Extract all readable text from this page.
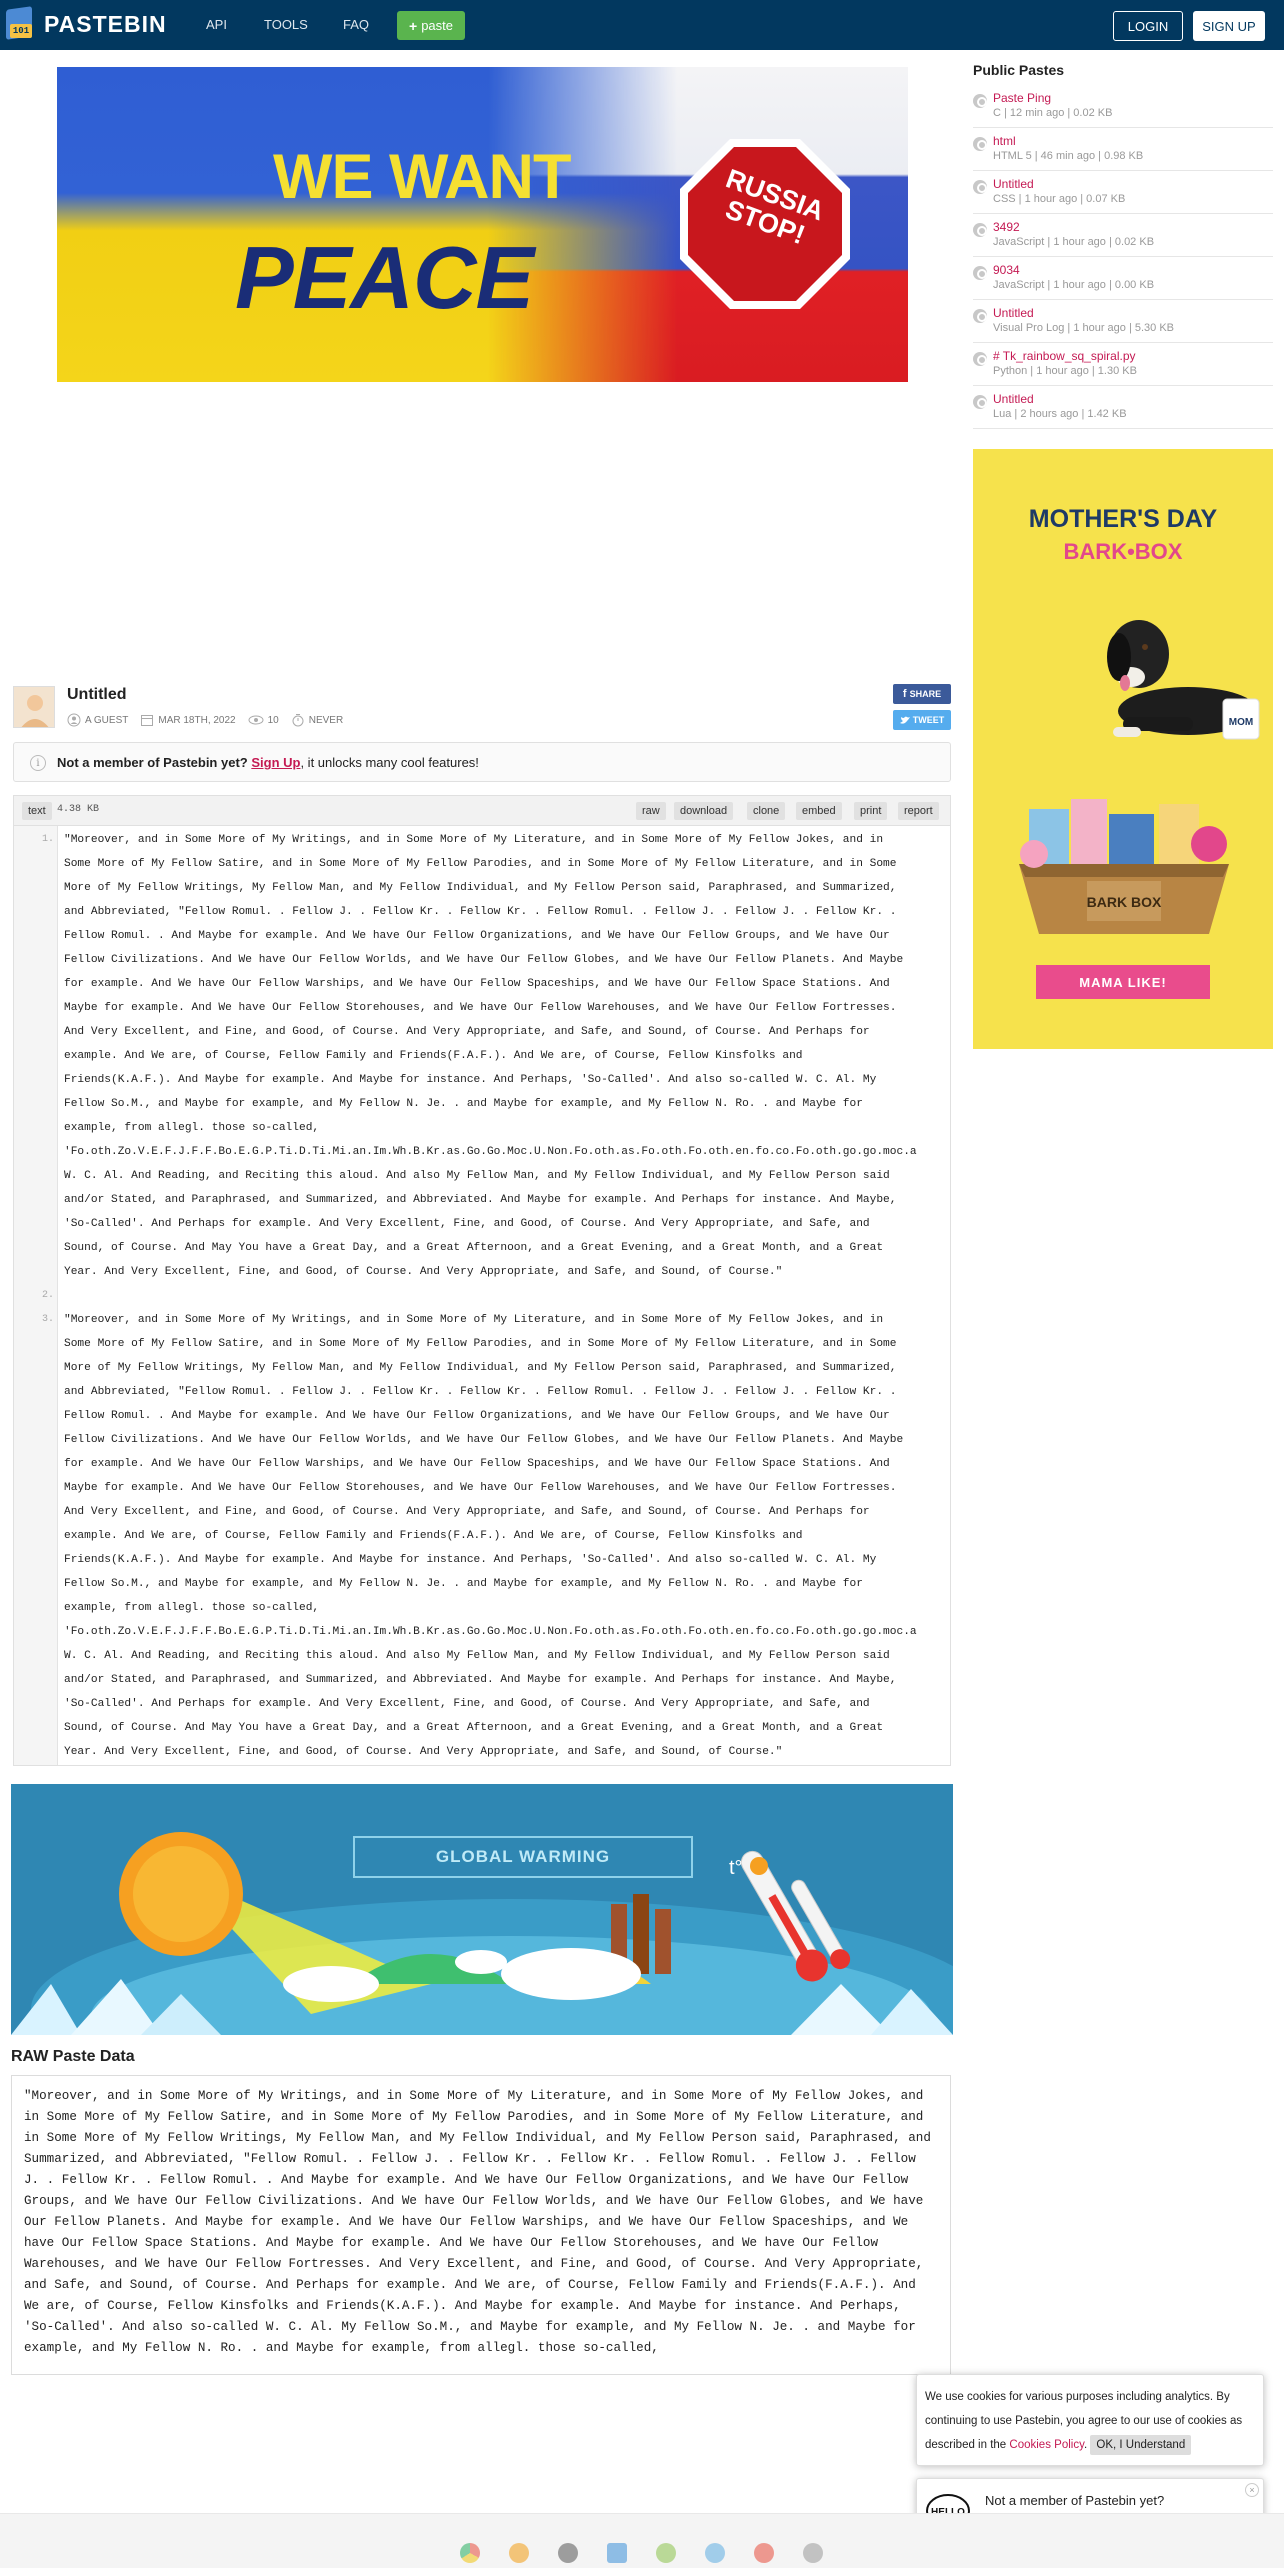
101 PASTEBIN	API	TOOLS	FAQ	+ paste	LOGIN	SIGN UP
WE WANT
PEACE
RUSSIA STOP!
Public Pastes
Paste Ping
C | 12 min ago | 0.02 KB
html
HTML 5 | 46 min ago | 0.98 KB
Untitled
CSS | 1 hour ago | 0.07 KB
3492
JavaScript | 1 hour ago | 0.02 KB
9034
JavaScript | 1 hour ago | 0.00 KB
Untitled
Visual Pro Log | 1 hour ago | 5.30 KB
# Tk_rainbow_sq_spiral.py
Python | 1 hour ago | 1.30 KB
Untitled
Lua | 2 hours ago | 1.42 KB
MOTHER'S DAY
BARK•BOX
MOM
BARK BOX
MAMA LIKE!
Untitled
A GUEST	MAR 18TH, 2022	10	NEVER
f SHARE
TWEET
i	Not a member of Pastebin yet? Sign Up, it unlocks many cool features!
text	4.38 KB	raw	download	clone	embed	print	report
1.
2.
3.
"Moreover, and in Some More of My Writings, and in Some More of My Literature, and in Some More of My Fellow Jokes, and in
Some More of My Fellow Satire, and in Some More of My Fellow Parodies, and in Some More of My Fellow Literature, and in Some
More of My Fellow Writings, My Fellow Man, and My Fellow Individual, and My Fellow Person said, Paraphrased, and Summarized,
and Abbreviated, "Fellow Romul. . Fellow J. . Fellow Kr. . Fellow Kr. . Fellow Romul. . Fellow J. . Fellow J. . Fellow Kr. .
Fellow Romul. . And Maybe for example. And We have Our Fellow Organizations, and We have Our Fellow Groups, and We have Our
Fellow Civilizations. And We have Our Fellow Worlds, and We have Our Fellow Globes, and We have Our Fellow Planets. And Maybe
for example. And We have Our Fellow Warships, and We have Our Fellow Spaceships, and We have Our Fellow Space Stations. And
Maybe for example. And We have Our Fellow Storehouses, and We have Our Fellow Warehouses, and We have Our Fellow Fortresses.
And Very Excellent, and Fine, and Good, of Course. And Very Appropriate, and Safe, and Sound, of Course. And Perhaps for
example. And We are, of Course, Fellow Family and Friends(F.A.F.). And We are, of Course, Fellow Kinsfolks and
Friends(K.A.F.). And Maybe for example. And Maybe for instance. And Perhaps, 'So-Called'. And also so-called W. C. Al. My
Fellow So.M., and Maybe for example, and My Fellow N. Je. . and Maybe for example, and My Fellow N. Ro. . and Maybe for
example, from allegl. those so-called,
'Fo.oth.Zo.V.E.F.J.F.F.Bo.E.G.P.Ti.D.Ti.Mi.an.Im.Wh.B.Kr.as.Go.Go.Moc.U.Non.Fo.oth.as.Fo.oth.Fo.oth.en.fo.co.Fo.oth.go.go.moc.a
W. C. Al. And Reading, and Reciting this aloud. And also My Fellow Man, and My Fellow Individual, and My Fellow Person said
and/or Stated, and Paraphrased, and Summarized, and Abbreviated. And Maybe for example. And Perhaps for instance. And Maybe,
'So-Called'. And Perhaps for example. And Very Excellent, Fine, and Good, of Course. And Very Appropriate, and Safe, and
Sound, of Course. And May You have a Great Day, and a Great Afternoon, and a Great Evening, and a Great Month, and a Great
Year. And Very Excellent, Fine, and Good, of Course. And Very Appropriate, and Safe, and Sound, of Course."
"Moreover, and in Some More of My Writings, and in Some More of My Literature, and in Some More of My Fellow Jokes, and in
Some More of My Fellow Satire, and in Some More of My Fellow Parodies, and in Some More of My Fellow Literature, and in Some
More of My Fellow Writings, My Fellow Man, and My Fellow Individual, and My Fellow Person said, Paraphrased, and Summarized,
and Abbreviated, "Fellow Romul. . Fellow J. . Fellow Kr. . Fellow Kr. . Fellow Romul. . Fellow J. . Fellow J. . Fellow Kr. .
Fellow Romul. . And Maybe for example. And We have Our Fellow Organizations, and We have Our Fellow Groups, and We have Our
Fellow Civilizations. And We have Our Fellow Worlds, and We have Our Fellow Globes, and We have Our Fellow Planets. And Maybe
for example. And We have Our Fellow Warships, and We have Our Fellow Spaceships, and We have Our Fellow Space Stations. And
Maybe for example. And We have Our Fellow Storehouses, and We have Our Fellow Warehouses, and We have Our Fellow Fortresses.
And Very Excellent, and Fine, and Good, of Course. And Very Appropriate, and Safe, and Sound, of Course. And Perhaps for
example. And We are, of Course, Fellow Family and Friends(F.A.F.). And We are, of Course, Fellow Kinsfolks and
Friends(K.A.F.). And Maybe for example. And Maybe for instance. And Perhaps, 'So-Called'. And also so-called W. C. Al. My
Fellow So.M., and Maybe for example, and My Fellow N. Je. . and Maybe for example, and My Fellow N. Ro. . and Maybe for
example, from allegl. those so-called,
'Fo.oth.Zo.V.E.F.J.F.F.Bo.E.G.P.Ti.D.Ti.Mi.an.Im.Wh.B.Kr.as.Go.Go.Moc.U.Non.Fo.oth.as.Fo.oth.Fo.oth.en.fo.co.Fo.oth.go.go.moc.a
W. C. Al. And Reading, and Reciting this aloud. And also My Fellow Man, and My Fellow Individual, and My Fellow Person said
and/or Stated, and Paraphrased, and Summarized, and Abbreviated. And Maybe for example. And Perhaps for instance. And Maybe,
'So-Called'. And Perhaps for example. And Very Excellent, Fine, and Good, of Course. And Very Appropriate, and Safe, and
Sound, of Course. And May You have a Great Day, and a Great Afternoon, and a Great Evening, and a Great Month, and a Great
Year. And Very Excellent, Fine, and Good, of Course. And Very Appropriate, and Safe, and Sound, of Course."
t°
GLOBAL WARMING
RAW Paste Data
"Moreover, and in Some More of My Writings, and in Some More of My Literature, and in Some More of My Fellow Jokes, and in Some More of My Fellow Satire, and in Some More of My Fellow Parodies, and in Some More of My Fellow Literature, and in Some More of My Fellow Writings, My Fellow Man, and My Fellow Individual, and My Fellow Person said, Paraphrased, and Summarized, and Abbreviated, "Fellow Romul. . Fellow J. . Fellow Kr. . Fellow Kr. . Fellow Romul. . Fellow J. . Fellow J. . Fellow Kr. . Fellow Romul. . And Maybe for example. And We have Our Fellow Organizations, and We have Our Fellow Groups, and We have Our Fellow Civilizations. And We have Our Fellow Worlds, and We have Our Fellow Globes, and We have Our Fellow Planets. And Maybe for example. And We have Our Fellow Warships, and We have Our Fellow Spaceships, and We have Our Fellow Space Stations. And Maybe for example. And We have Our Fellow Storehouses, and We have Our Fellow Warehouses, and We have Our Fellow Fortresses. And Very Excellent, and Fine, and Good, of Course. And Very Appropriate, and Safe, and Sound, of Course. And Perhaps for example. And We are, of Course, Fellow Family and Friends(F.A.F.). And We are, of Course, Fellow Kinsfolks and Friends(K.A.F.). And Maybe for example. And Maybe for instance. And Perhaps, 'So-Called'. And also so-called W. C. Al. My Fellow So.M., and Maybe for example, and My Fellow N. Je. . and Maybe for example, and My Fellow N. Ro. . and Maybe for example, from allegl. those so-called,
We use cookies for various purposes including analytics. By continuing to use Pastebin, you agree to our use of cookies as described in the Cookies Policy. OK, I Understand
Not a member of Pastebin yet?
×
